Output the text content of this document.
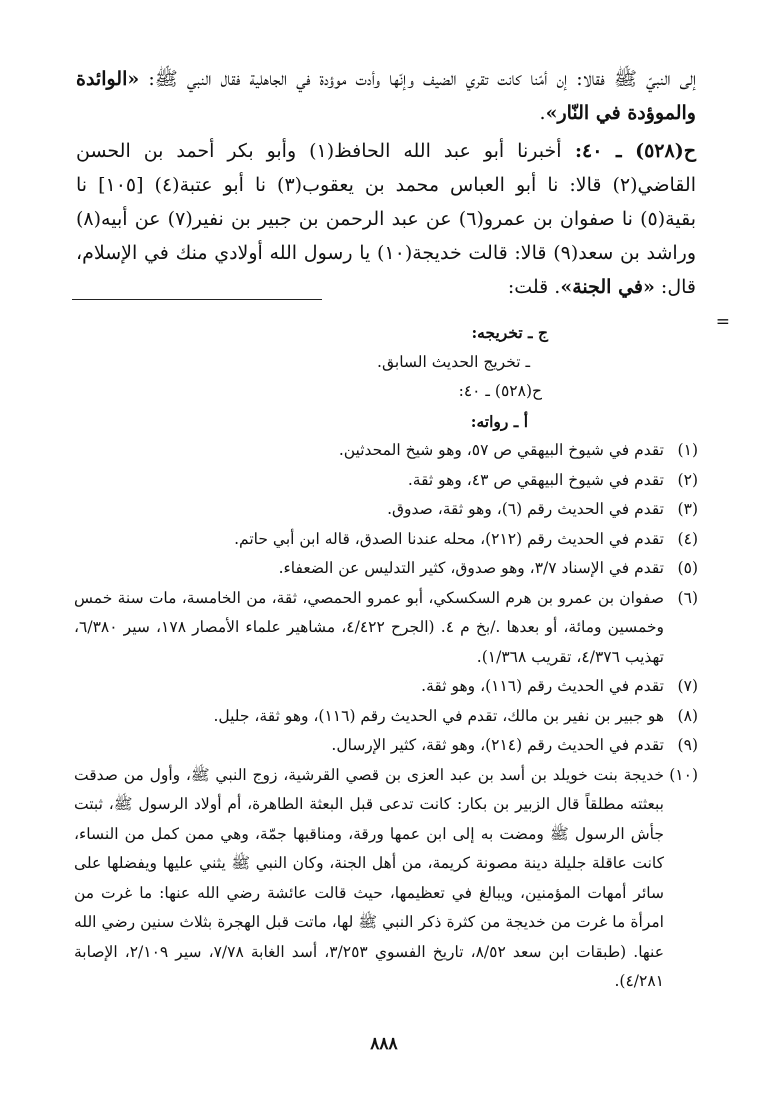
إلى النبيّ ﷺ فقالا: إن أمّنا كانت تقري الضيف وإنّها وأدت موؤدة في الجاهلية فقال النبي ﷺ: «الوائدة والموؤدة في النّار».

ح(٥٢٨) ـ ٤٠: أخبرنا أبو عبد الله الحافظ(١) وأبو بكر أحمد بن الحسن القاضي(٢) قالا: نا أبو العباس محمد بن يعقوب(٣) نا أبو عتبة(٤) [١٠٥] نا بقية(٥) نا صفوان بن عمرو(٦) عن عبد الرحمن بن جبير بن نفير(٧) عن أبيه(٨) وراشد بن سعد(٩) قالا: قالت خديجة(١٠) يا رسول الله أولادي منك في الإسلام، قال: «في الجنة». قلت:

=

ج ـ تخريجه:

ـ تخريج الحديث السابق.

ح(٥٢٨) ـ ٤٠:

أ ـ رواته:

(١)
تقدم في شيوخ البيهقي ص ٥٧، وهو شيخ المحدثين.
(٢)
تقدم في شيوخ البيهقي ص ٤٣، وهو ثقة.
(٣)
تقدم في الحديث رقم (٦)، وهو ثقة، صدوق.
(٤)
تقدم في الحديث رقم (٢١٢)، محله عندنا الصدق، قاله ابن أبي حاتم.
(٥)
تقدم في الإسناد ٣/٧، وهو صدوق، كثير التدليس عن الضعفاء.
(٦)
صفوان بن عمرو بن هرم السكسكي، أبو عمرو الحمصي، ثقة، من الخامسة، مات سنة خمس وخمسين ومائة، أو بعدها ./بخ م ٤. (الجرح ٤/٤٢٢، مشاهير علماء الأمصار ١٧٨، سير ٦/٣٨٠، تهذيب ٤/٣٧٦، تقريب ١/٣٦٨).
(٧)
تقدم في الحديث رقم (١١٦)، وهو ثقة.
(٨)
هو جبير بن نفير بن مالك، تقدم في الحديث رقم (١١٦)، وهو ثقة، جليل.
(٩)
تقدم في الحديث رقم (٢١٤)، وهو ثقة، كثير الإرسال.
(١٠)
خديجة بنت خويلد بن أسد بن عبد العزى بن قصي القرشية، زوج النبي ﷺ، وأول من صدقت ببعثته مطلقاً قال الزبير بن بكار: كانت تدعى قبل البعثة الطاهرة، أم أولاد الرسول ﷺ، ثبتت جأش الرسول ﷺ ومضت به إلى ابن عمها ورقة، ومناقبها جمّة، وهي ممن كمل من النساء، كانت عاقلة جليلة دينة مصونة كريمة، من أهل الجنة، وكان النبي ﷺ يثني عليها ويفضلها على سائر أمهات المؤمنين، ويبالغ في تعظيمها، حيث قالت عائشة رضي الله عنها: ما غرت من امرأة ما غرت من خديجة من كثرة ذكر النبي ﷺ لها، ماتت قبل الهجرة بثلاث سنين رضي الله عنها. (طبقات ابن سعد ٨/٥٢، تاريخ الفسوي ٣/٢٥٣، أسد الغابة ٧/٧٨، سير ٢/١٠٩، الإصابة ٤/٢٨١).
٨٨٨
